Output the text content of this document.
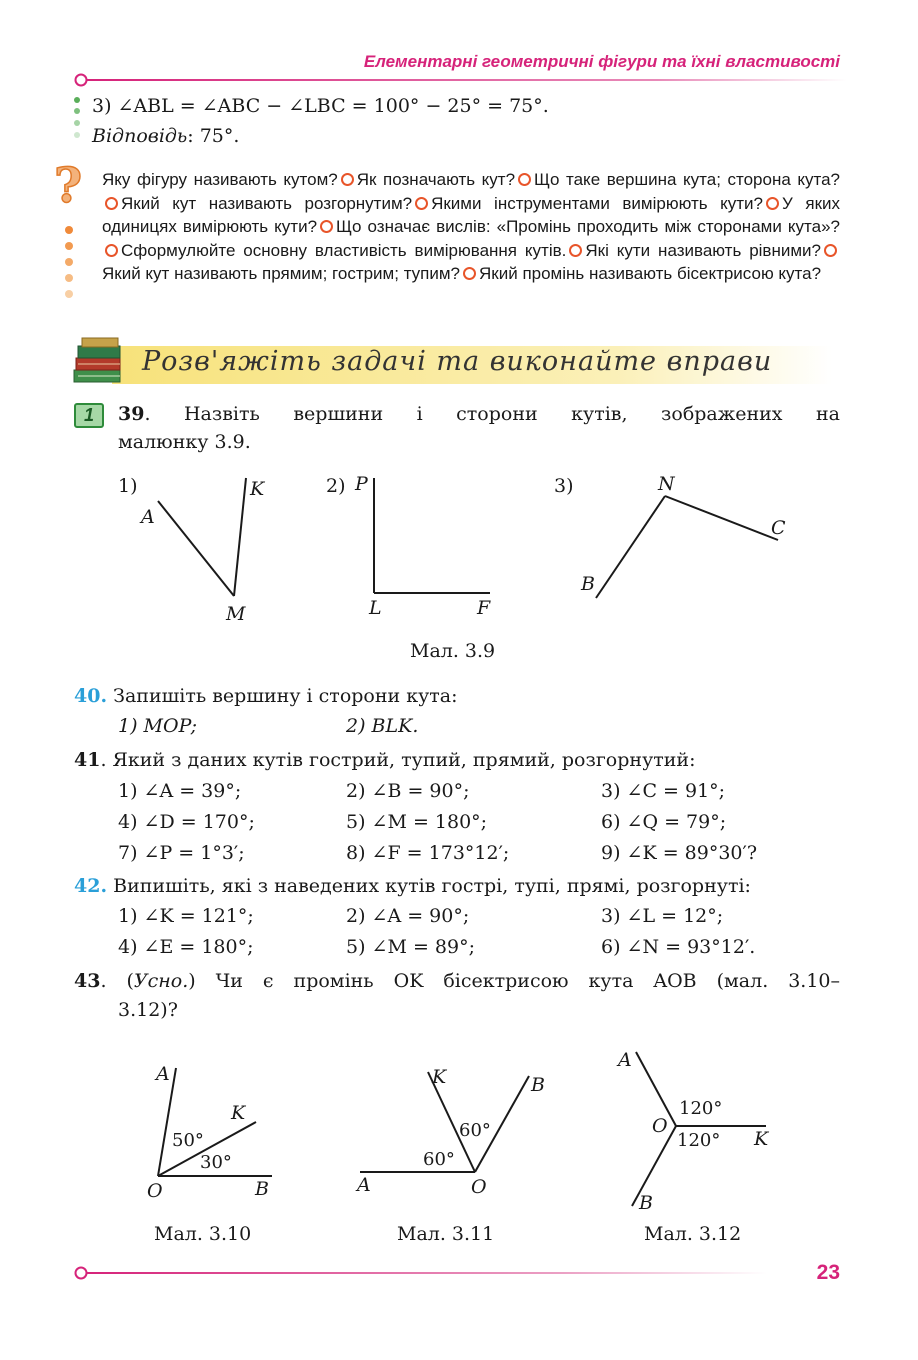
Елементарні геометричні фігури та їхні властивості
3) ∠ABL = ∠ABC − ∠LBC = 100° − 25° = 75°.
Відповідь: 75°.
? Яку фігуру називають кутом? Як позначають кут? Що таке вершина кута; сторона кута?Який кут називають розгорнутим? Якими інструментами вимірюють кути? У яких одиницях вимірюють кути? Що означає вислів: «Промінь проходить між сторонами кута»?Сформулюйте основну властивість вимірювання кутів. Які кути називають рівними?Який кут називають прямим; гострим; тупим? Який промінь називають бісектрисою кута?
Розв'яжіть задачі та виконайте вправи
1	39. Назвіть вершини і сторони кутів, зображених на
малюнку 3.9.
1)
A
K
M
2) P
L	F
3)	N
C
B
Мал. 3.9
40. Запишіть вершину і сторони кута:
1) MOP;	2) BLK.
41. Який з даних кутів гострий, тупий, прямий, розгорнутий:
1) ∠A = 39°;	2) ∠B = 90°;	3) ∠C = 91°;
4) ∠D = 170°;	5) ∠M = 180°;	6) ∠Q = 79°;
7) ∠P = 1°3′;	8) ∠F = 173°12′;	9) ∠K = 89°30′?
42. Випишіть, які з наведених кутів гострі, тупі, прямі, розгорнуті:
1) ∠K = 121°;	2) ∠A = 90°;	3) ∠L = 12°;
4) ∠E = 180°;	5) ∠M = 89°;	6) ∠N = 93°12′.
43. (Усно.) Чи є промінь OK бісектрисою кута AOB (мал. 3.10–
3.12)?
A
K
O	B
50°
30°
Мал. 3.10
K	B
A	O
60°
60°
Мал. 3.11
A
O
B
K
120°
120°
Мал. 3.12
23
